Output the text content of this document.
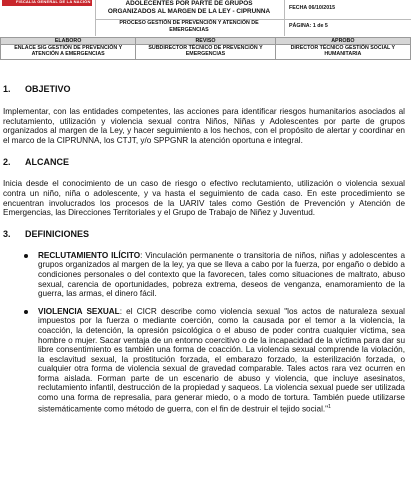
FISCALÍA GENERAL DE LA NACIÓN	ADOLECENTES POR PARTE DE GRUPOS
ORGANIZADOS AL MARGEN DE LA LEY - CIPRUNNA
PROCESO GESTIÓN DE PREVENCIÓN Y ATENCIÓN DE
EMERGENCIAS
FECHA 06/10/2015
PÁGINA: 1 de 5
ELABORO	REVISO	APROBO
ENLACE SIG GESTIÓN DE PREVENCIÓN Y ATENCIÓN A EMERGENCIAS	SUBDIRECTOR TÉCNICO DE PREVENCIÓN Y EMERGENCIAS	DIRECTOR TÉCNICO GESTIÓN SOCIAL Y HUMANITARIA
1. OBJETIVO

Implementar, con las entidades competentes, las acciones para identificar riesgos humanitarios asociados al reclutamiento, utilización y violencia sexual contra Niños, Niñas y Adolescentes por parte de grupos organizados al margen de la Ley, y hacer seguimiento a los hechos, con el propósito de alertar y coordinar en el marco de la CIPRUNNA, los CTJT, y/o SPPGNR la atención oportuna e integral.

2. ALCANCE

Inicia desde el conocimiento de un caso de riesgo o efectivo reclutamiento, utilización o violencia sexual contra un niño, niña o adolescente, y va hasta el seguimiento de cada caso. En este procedimiento se encuentran involucrados los procesos de la UARIV tales como Gestión de Prevención y Atención de Emergencias, las Direcciones Territoriales y el Grupo de Trabajo de Niñez y Juventud.

3. DEFINICIONES
RECLUTAMIENTO ILÍCITO: Vinculación permanente o transitoria de niños, niñas y adolescentes a grupos organizados al margen de la ley, ya que se lleva a cabo por la fuerza, por engaño o debido a condiciones personales o del contexto que la favorecen, tales como situaciones de maltrato, abuso sexual, carencia de oportunidades, pobreza extrema, deseos de venganza, enamoramiento de la guerra, las armas, el dinero fácil.
VIOLENCIA SEXUAL: el CICR describe como violencia sexual "los actos de naturaleza sexual impuestos por la fuerza o mediante coerción, como la causada por el temor a la violencia, la coacción, la detención, la opresión psicológica o el abuso de poder contra cualquier víctima, sea hombre o mujer. Sacar ventaja de un entorno coercitivo o de la incapacidad de la víctima para dar su libre consentimiento es también una forma de coacción. La violencia sexual comprende la violación, la esclavitud sexual, la prostitución forzada, el embarazo forzado, la esterilización forzada, o cualquier otra forma de violencia sexual de gravedad comparable. Tales actos rara vez ocurren en forma aislada. Forman parte de un escenario de abuso y violencia, que incluye asesinatos, reclutamiento infantil, destrucción de la propiedad y saqueos. La violencia sexual puede ser utilizada como una forma de represalia, para generar miedo, o a modo de tortura. También puede utilizarse sistemáticamente como método de guerra, con el fin de destruir el tejido social."$^1$
